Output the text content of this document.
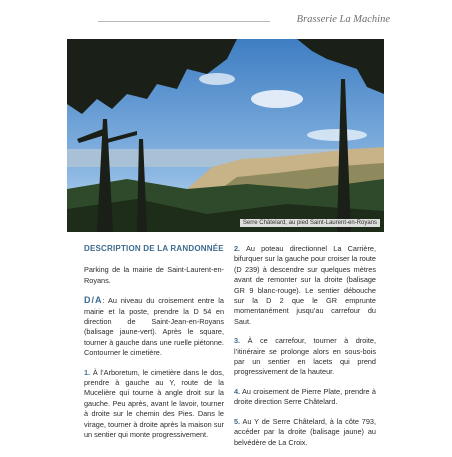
Brasserie La Machine
Serre Châtelard, au pied Saint-Laurent-en-Royans
DESCRIPTION DE LA RANDONNÉE

Parking de la mairie de Saint-Laurent-en-Royans.

D/A: Au niveau du croisement entre la mairie et la poste, prendre la D 54 en direction de Saint-Jean-en-Royans (balisage jaune-vert). Après le square, tourner à gauche dans une ruelle piétonne. Contourner le cimetière.

1. À l’Arboretum, le cimetière dans le dos, prendre à gauche au Y, route de la Mucelière qui tourne à angle droit sur la gauche. Peu après, avant le lavoir, tourner à droite sur le chemin des Pies. Dans le virage, tourner à droite après la maison sur un sentier qui monte progressivement.

2. Au poteau directionnel La Carrière, bifurquer sur la gauche pour croiser la route (D 239) à descendre sur quelques mètres avant de remonter sur la droite (balisage GR 9 blanc-rouge). Le sentier débouche sur la D 2 que le GR emprunte momentanément jusqu’au carrefour du Saut.

3. À ce carrefour, tourner à droite, l’itinéraire se prolonge alors en sous-bois par un sentier en lacets qui prend progressivement de la hauteur.

4. Au croisement de Pierre Plate, prendre à droite direction Serre Châtelard.

5. Au Y de Serre Châtelard, à la côte 793, accéder par la droite (balisage jaune) au belvédère de La Croix.
